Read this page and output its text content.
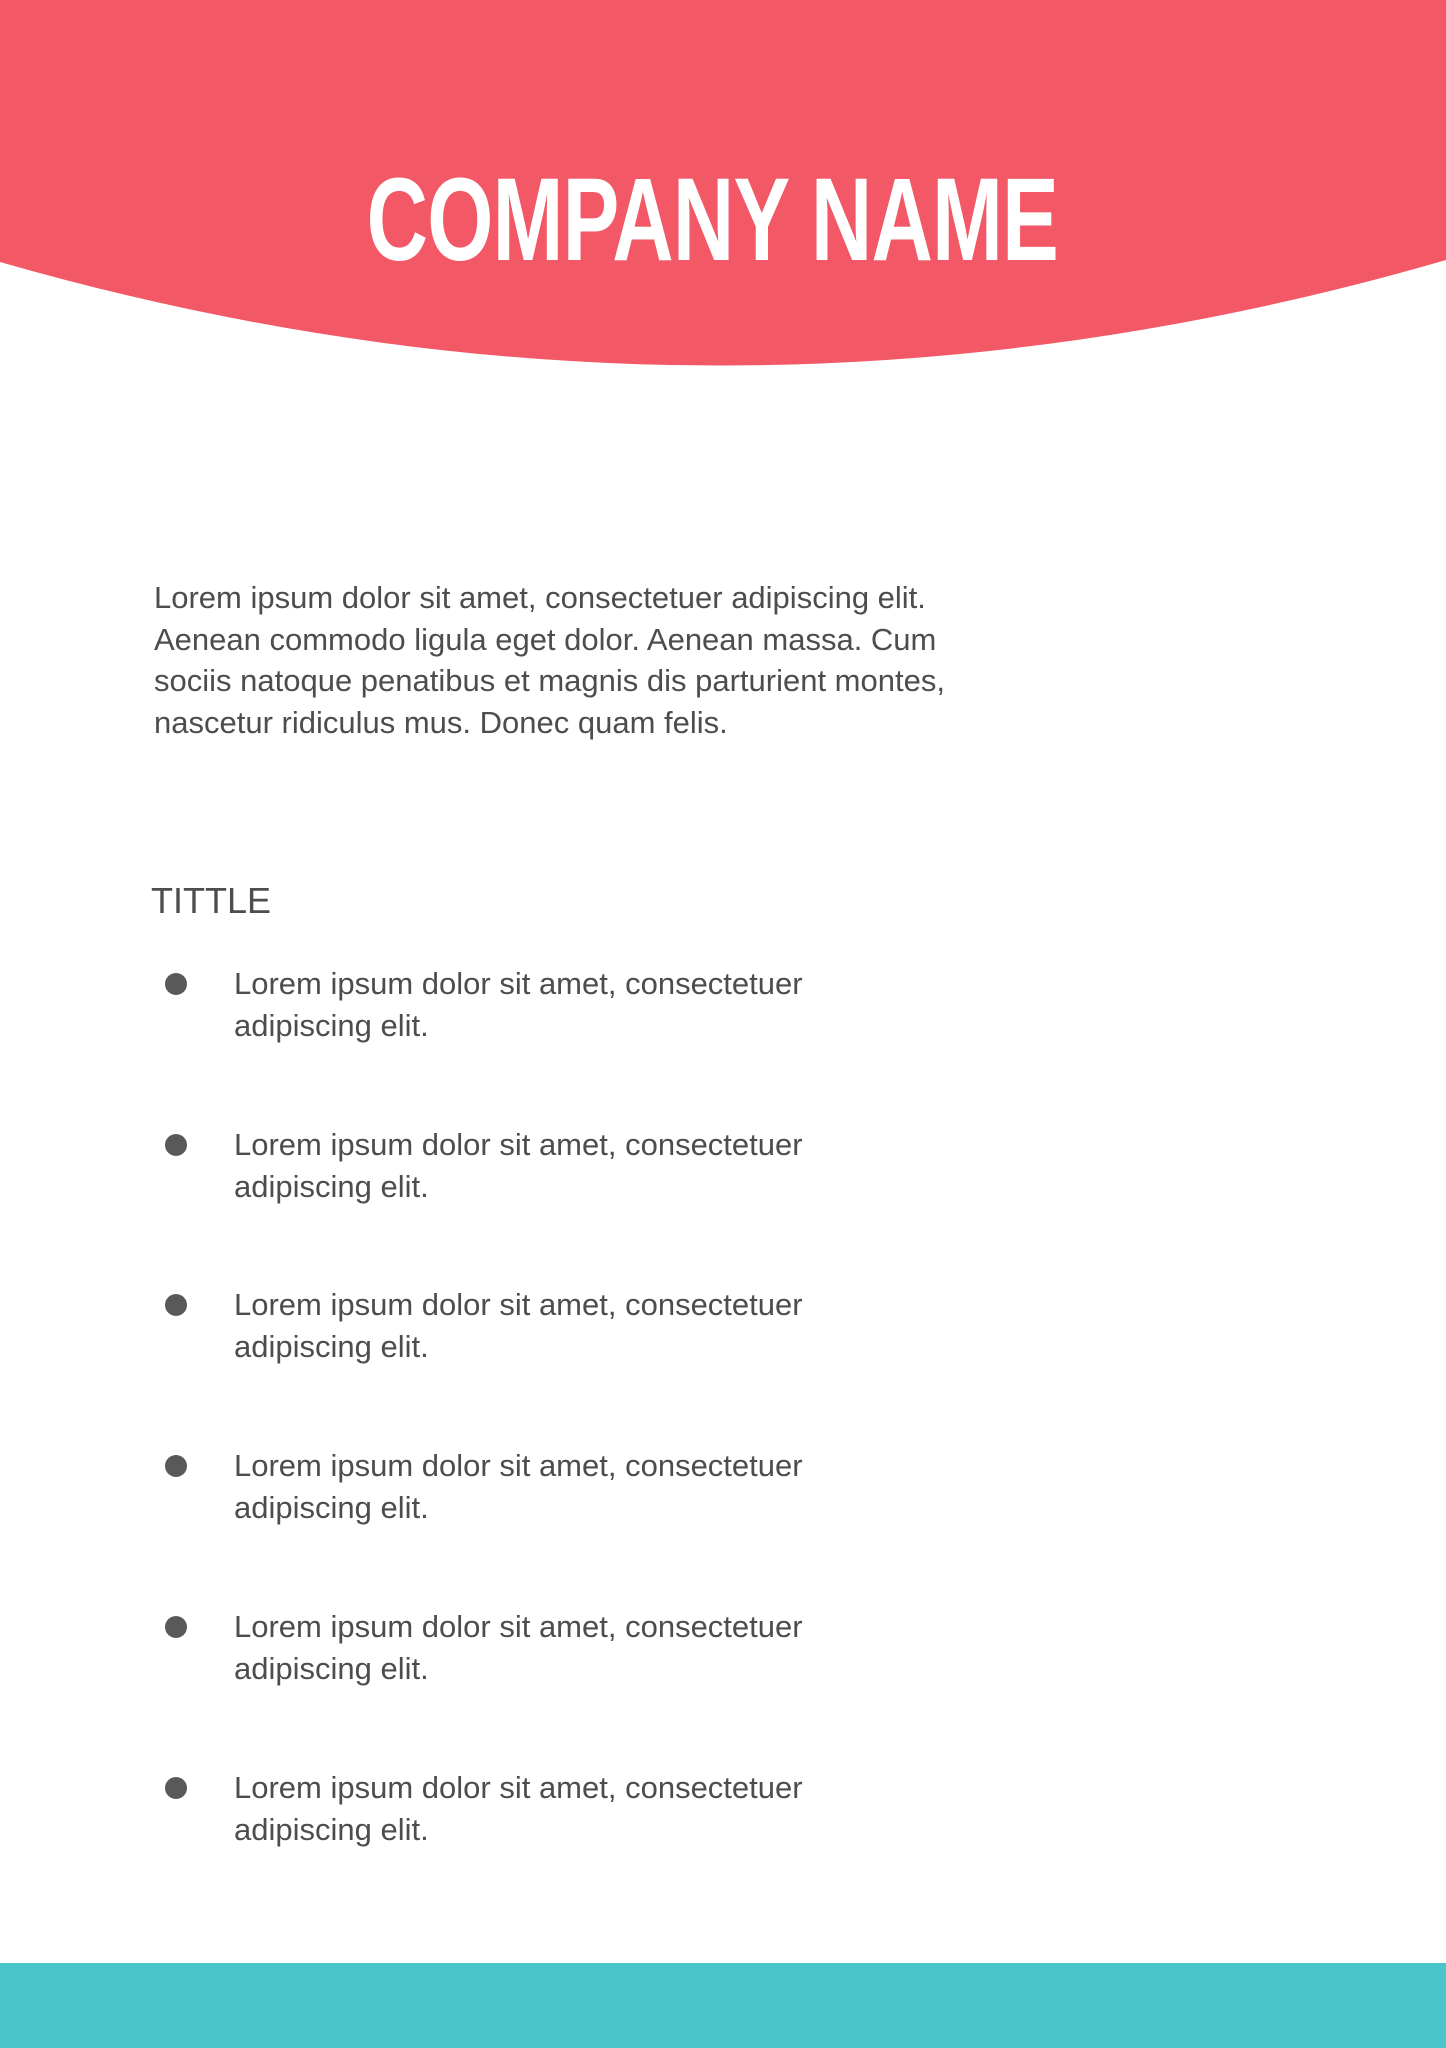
COMPANY NAME

Lorem ipsum dolor sit amet, consectetuer adipiscing elit. Aenean commodo ligula eget dolor. Aenean massa. Cum sociis natoque penatibus et magnis dis parturient montes, nascetur ridiculus mus. Donec quam felis.

TITTLE
Lorem ipsum dolor sit amet, consectetuer adipiscing elit.
Lorem ipsum dolor sit amet, consectetuer adipiscing elit.
Lorem ipsum dolor sit amet, consectetuer adipiscing elit.
Lorem ipsum dolor sit amet, consectetuer adipiscing elit.
Lorem ipsum dolor sit amet, consectetuer adipiscing elit.
Lorem ipsum dolor sit amet, consectetuer adipiscing elit.
